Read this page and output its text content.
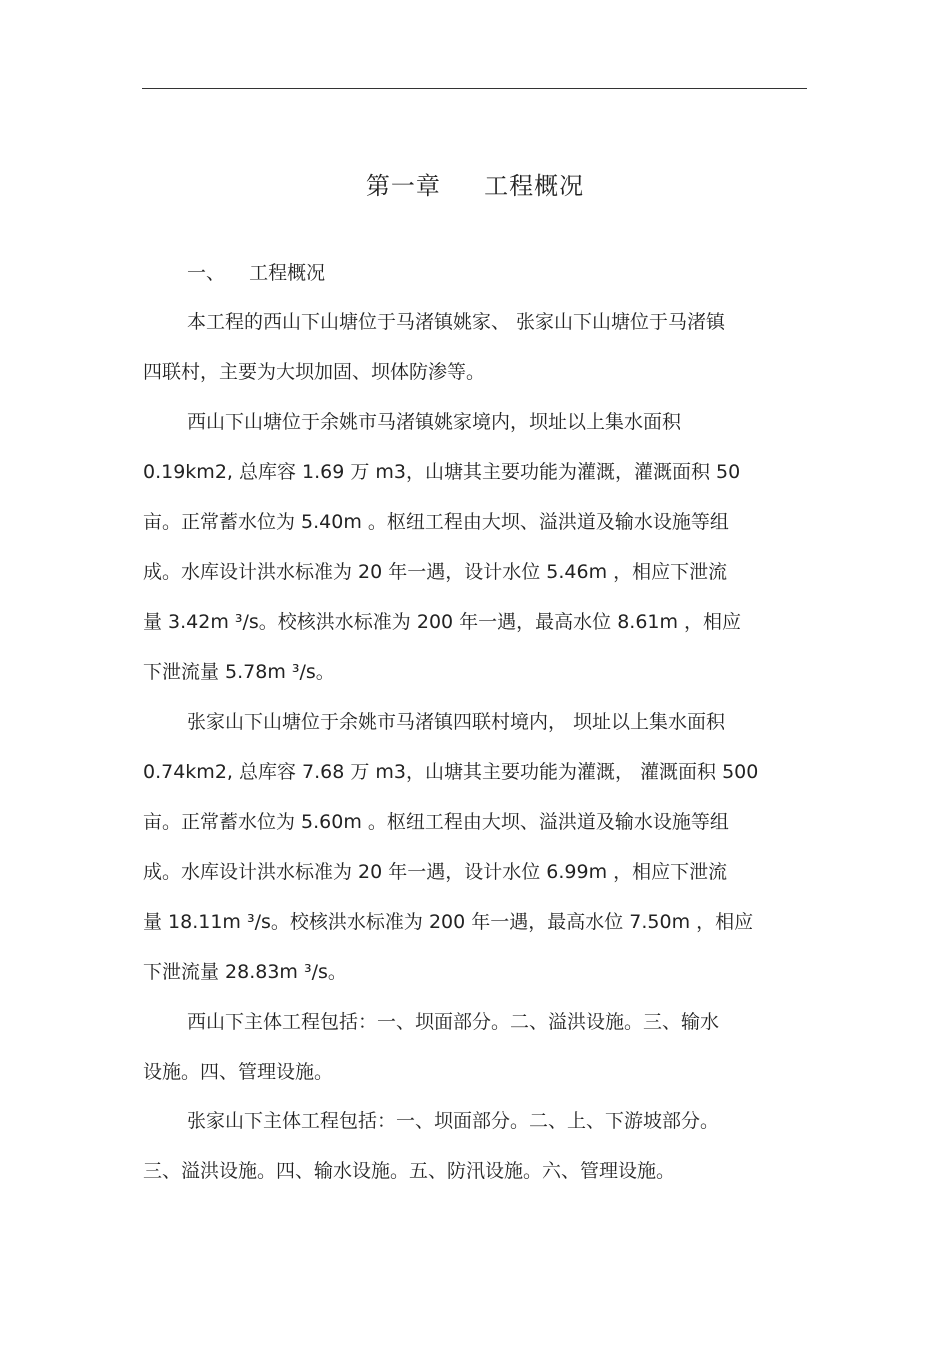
第一章     工程概况
一、    工程概况
本工程的西山下山塘位于马渚镇姚家、 张家山下山塘位于马渚镇
四联村，主要为大坝加固、坝体防渗等。
西山下山塘位于余姚市马渚镇姚家境内，坝址以上集水面积
0.19km2, 总库容 1.69 万 m3，山塘其主要功能为灌溉，灌溉面积 50
亩。正常蓄水位为 5.40m 。枢纽工程由大坝、溢洪道及输水设施等组
成。水库设计洪水标准为 20 年一遇，设计水位 5.46m ，相应下泄流
量 3.42m ³/s。校核洪水标准为 200 年一遇，最高水位 8.61m ，相应
下泄流量 5.78m ³/s。
张家山下山塘位于余姚市马渚镇四联村境内， 坝址以上集水面积
0.74km2, 总库容 7.68 万 m3，山塘其主要功能为灌溉， 灌溉面积 500
亩。正常蓄水位为 5.60m 。枢纽工程由大坝、溢洪道及输水设施等组
成。水库设计洪水标准为 20 年一遇，设计水位 6.99m ，相应下泄流
量 18.11m ³/s。校核洪水标准为 200 年一遇，最高水位 7.50m ，相应
下泄流量 28.83m ³/s。
西山下主体工程包括：一、坝面部分。二、溢洪设施。三、输水
设施。四、管理设施。
张家山下主体工程包括：一、坝面部分。二、上、下游坡部分。
三、溢洪设施。四、输水设施。五、防汛设施。六、管理设施。
